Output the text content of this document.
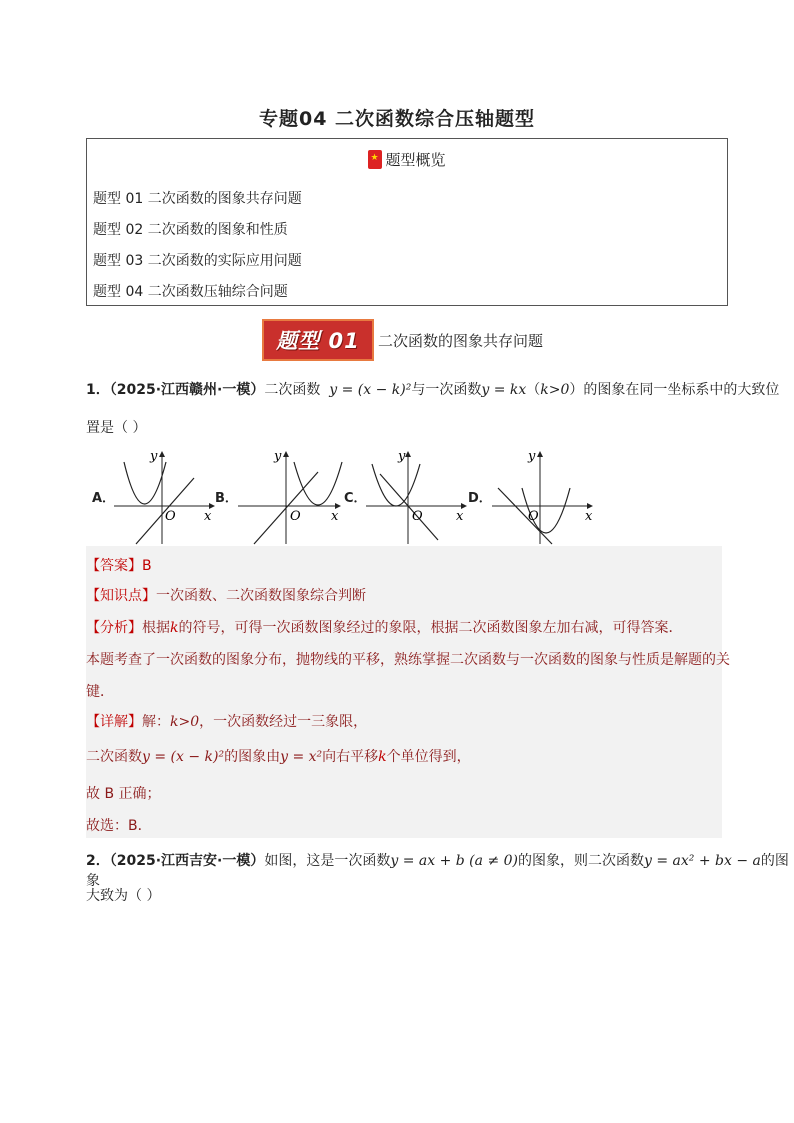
专题04 二次函数综合压轴题型
★题型概览
题型 01 二次函数的图象共存问题
题型 02 二次函数的图象和性质
题型 03 二次函数的实际应用问题
题型 04 二次函数压轴综合问题
题型 01	二次函数的图象共存问题
1．（2025·江西赣州·一模）二次函数 y = (x − k)²与一次函数y = kx（k>0）的图象在同一坐标系中的大致位
置是（ ）
A．	B．	C．	D．
y
O x
y
O x
y
O	x
y
O	x
【答案】B
【知识点】一次函数、二次函数图象综合判断
【分析】根据k的符号，可得一次函数图象经过的象限，根据二次函数图象左加右减，可得答案．
本题考查了一次函数的图象分布，抛物线的平移，熟练掌握二次函数与一次函数的图象与性质是解题的关
键．
【详解】解：k>0，一次函数经过一三象限，
二次函数y = (x − k)²的图象由y = x²向右平移k个单位得到，
故 B 正确；
故选：B．
2．（2025·江西吉安·一模）如图，这是一次函数y = ax + b (a ≠ 0)的图象，则二次函数y = ax² + bx − a的图象
大致为（ ）
